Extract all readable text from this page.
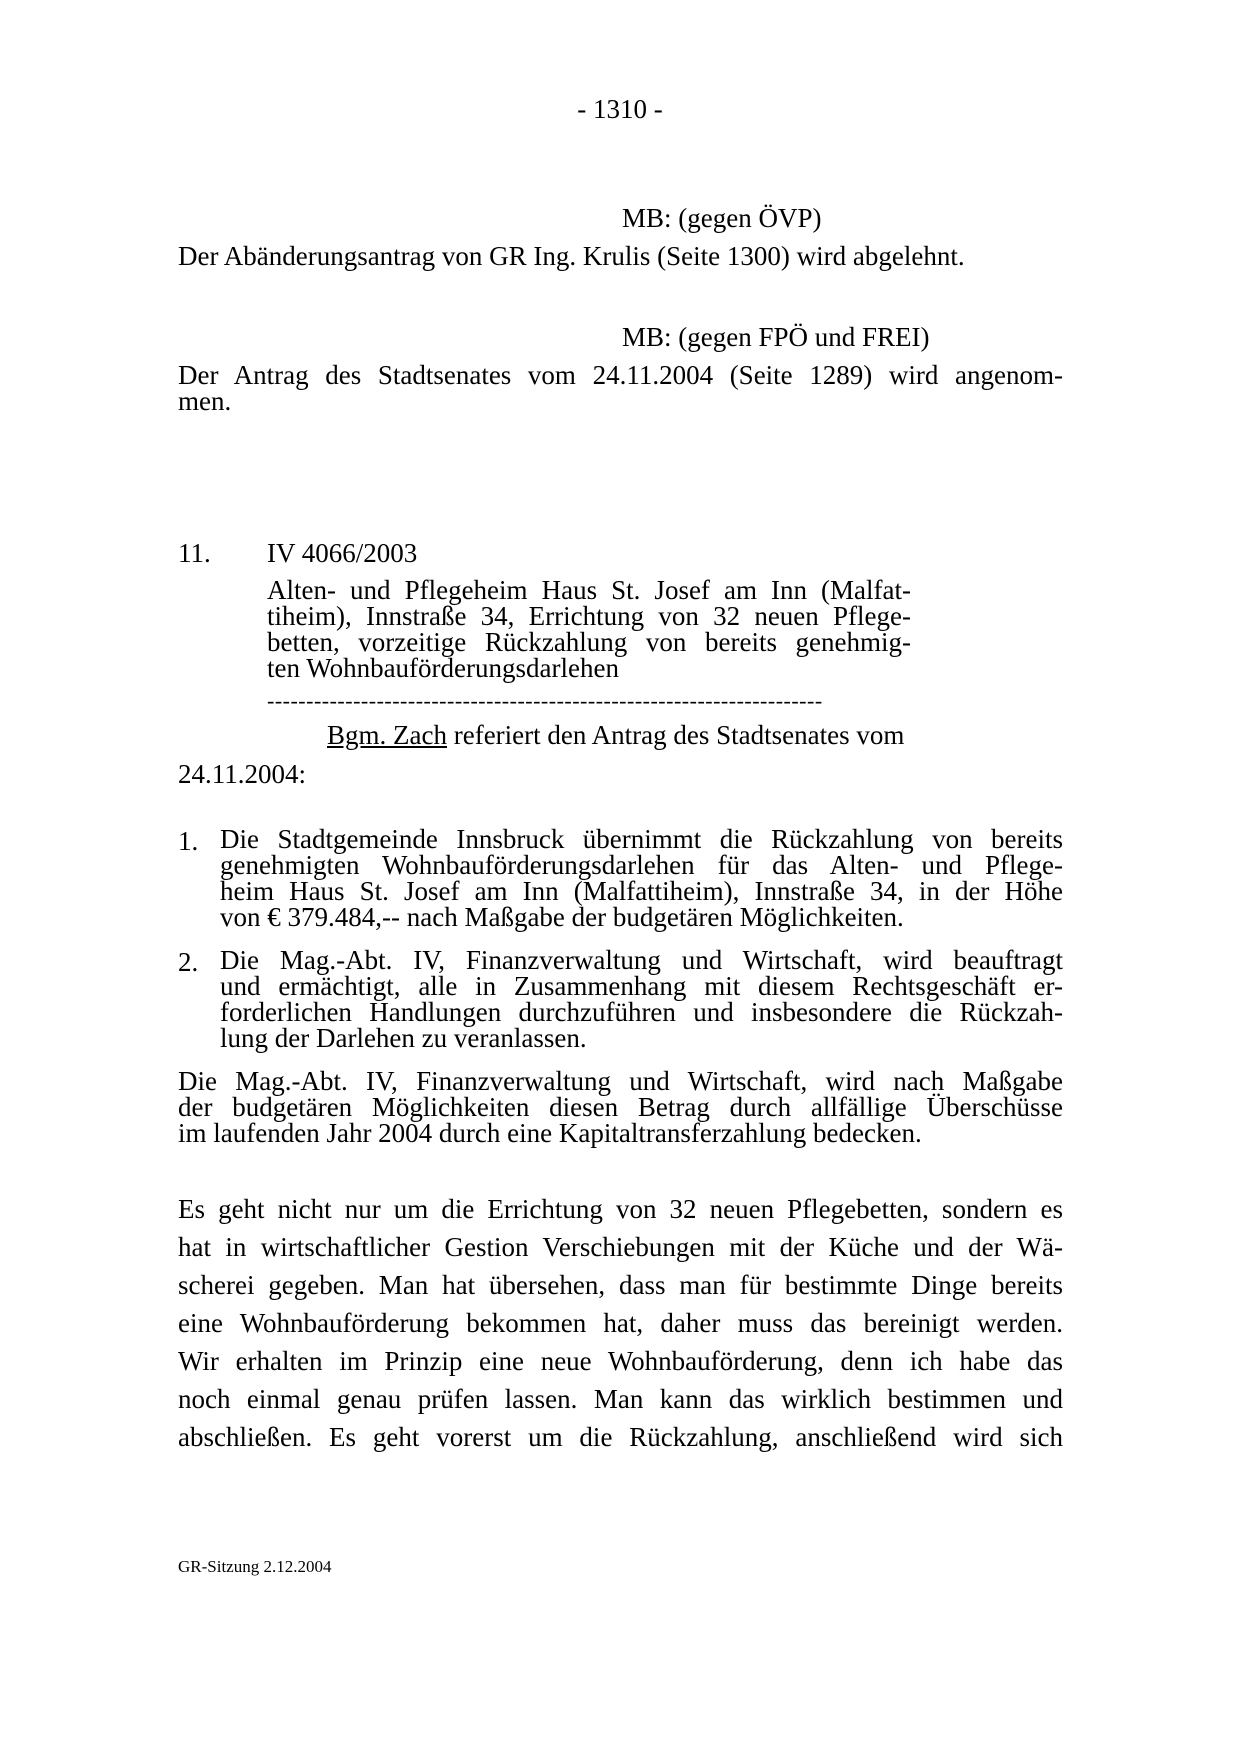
- 1310 -
MB: (gegen ÖVP)
Der Abänderungsantrag von GR Ing. Krulis (Seite 1300) wird abgelehnt.
MB: (gegen FPÖ und FREI)
Der Antrag des Stadtsenates vom 24.11.2004 (Seite 1289) wird angenom-
men.
11. IV 4066/2003
Alten- und Pflegeheim Haus St. Josef am Inn (Malfat-
tiheim), Innstraße 34, Errichtung von 32 neuen Pflege-
betten, vorzeitige Rückzahlung von bereits genehmig-
ten Wohnbauförderungsdarlehen
-----------------------------------------------------------------------
Bgm. Zach referiert den Antrag des Stadtsenates vom
24.11.2004:
1. Die Stadtgemeinde Innsbruck übernimmt die Rückzahlung von bereits
genehmigten Wohnbauförderungsdarlehen für das Alten- und Pflege-
heim Haus St. Josef am Inn (Malfattiheim), Innstraße 34, in der Höhe
von € 379.484,-- nach Maßgabe der budgetären Möglichkeiten.
2. Die Mag.-Abt. IV, Finanzverwaltung und Wirtschaft, wird beauftragt
und ermächtigt, alle in Zusammenhang mit diesem Rechtsgeschäft er-
forderlichen Handlungen durchzuführen und insbesondere die Rückzah-
lung der Darlehen zu veranlassen.
Die Mag.-Abt. IV, Finanzverwaltung und Wirtschaft, wird nach Maßgabe
der budgetären Möglichkeiten diesen Betrag durch allfällige Überschüsse
im laufenden Jahr 2004 durch eine Kapitaltransferzahlung bedecken.
Es geht nicht nur um die Errichtung von 32 neuen Pflegebetten, sondern es
hat in wirtschaftlicher Gestion Verschiebungen mit der Küche und der Wä-
scherei gegeben. Man hat übersehen, dass man für bestimmte Dinge bereits
eine Wohnbauförderung bekommen hat, daher muss das bereinigt werden.
Wir erhalten im Prinzip eine neue Wohnbauförderung, denn ich habe das
noch einmal genau prüfen lassen. Man kann das wirklich bestimmen und
abschließen. Es geht vorerst um die Rückzahlung, anschließend wird sich
GR-Sitzung 2.12.2004
